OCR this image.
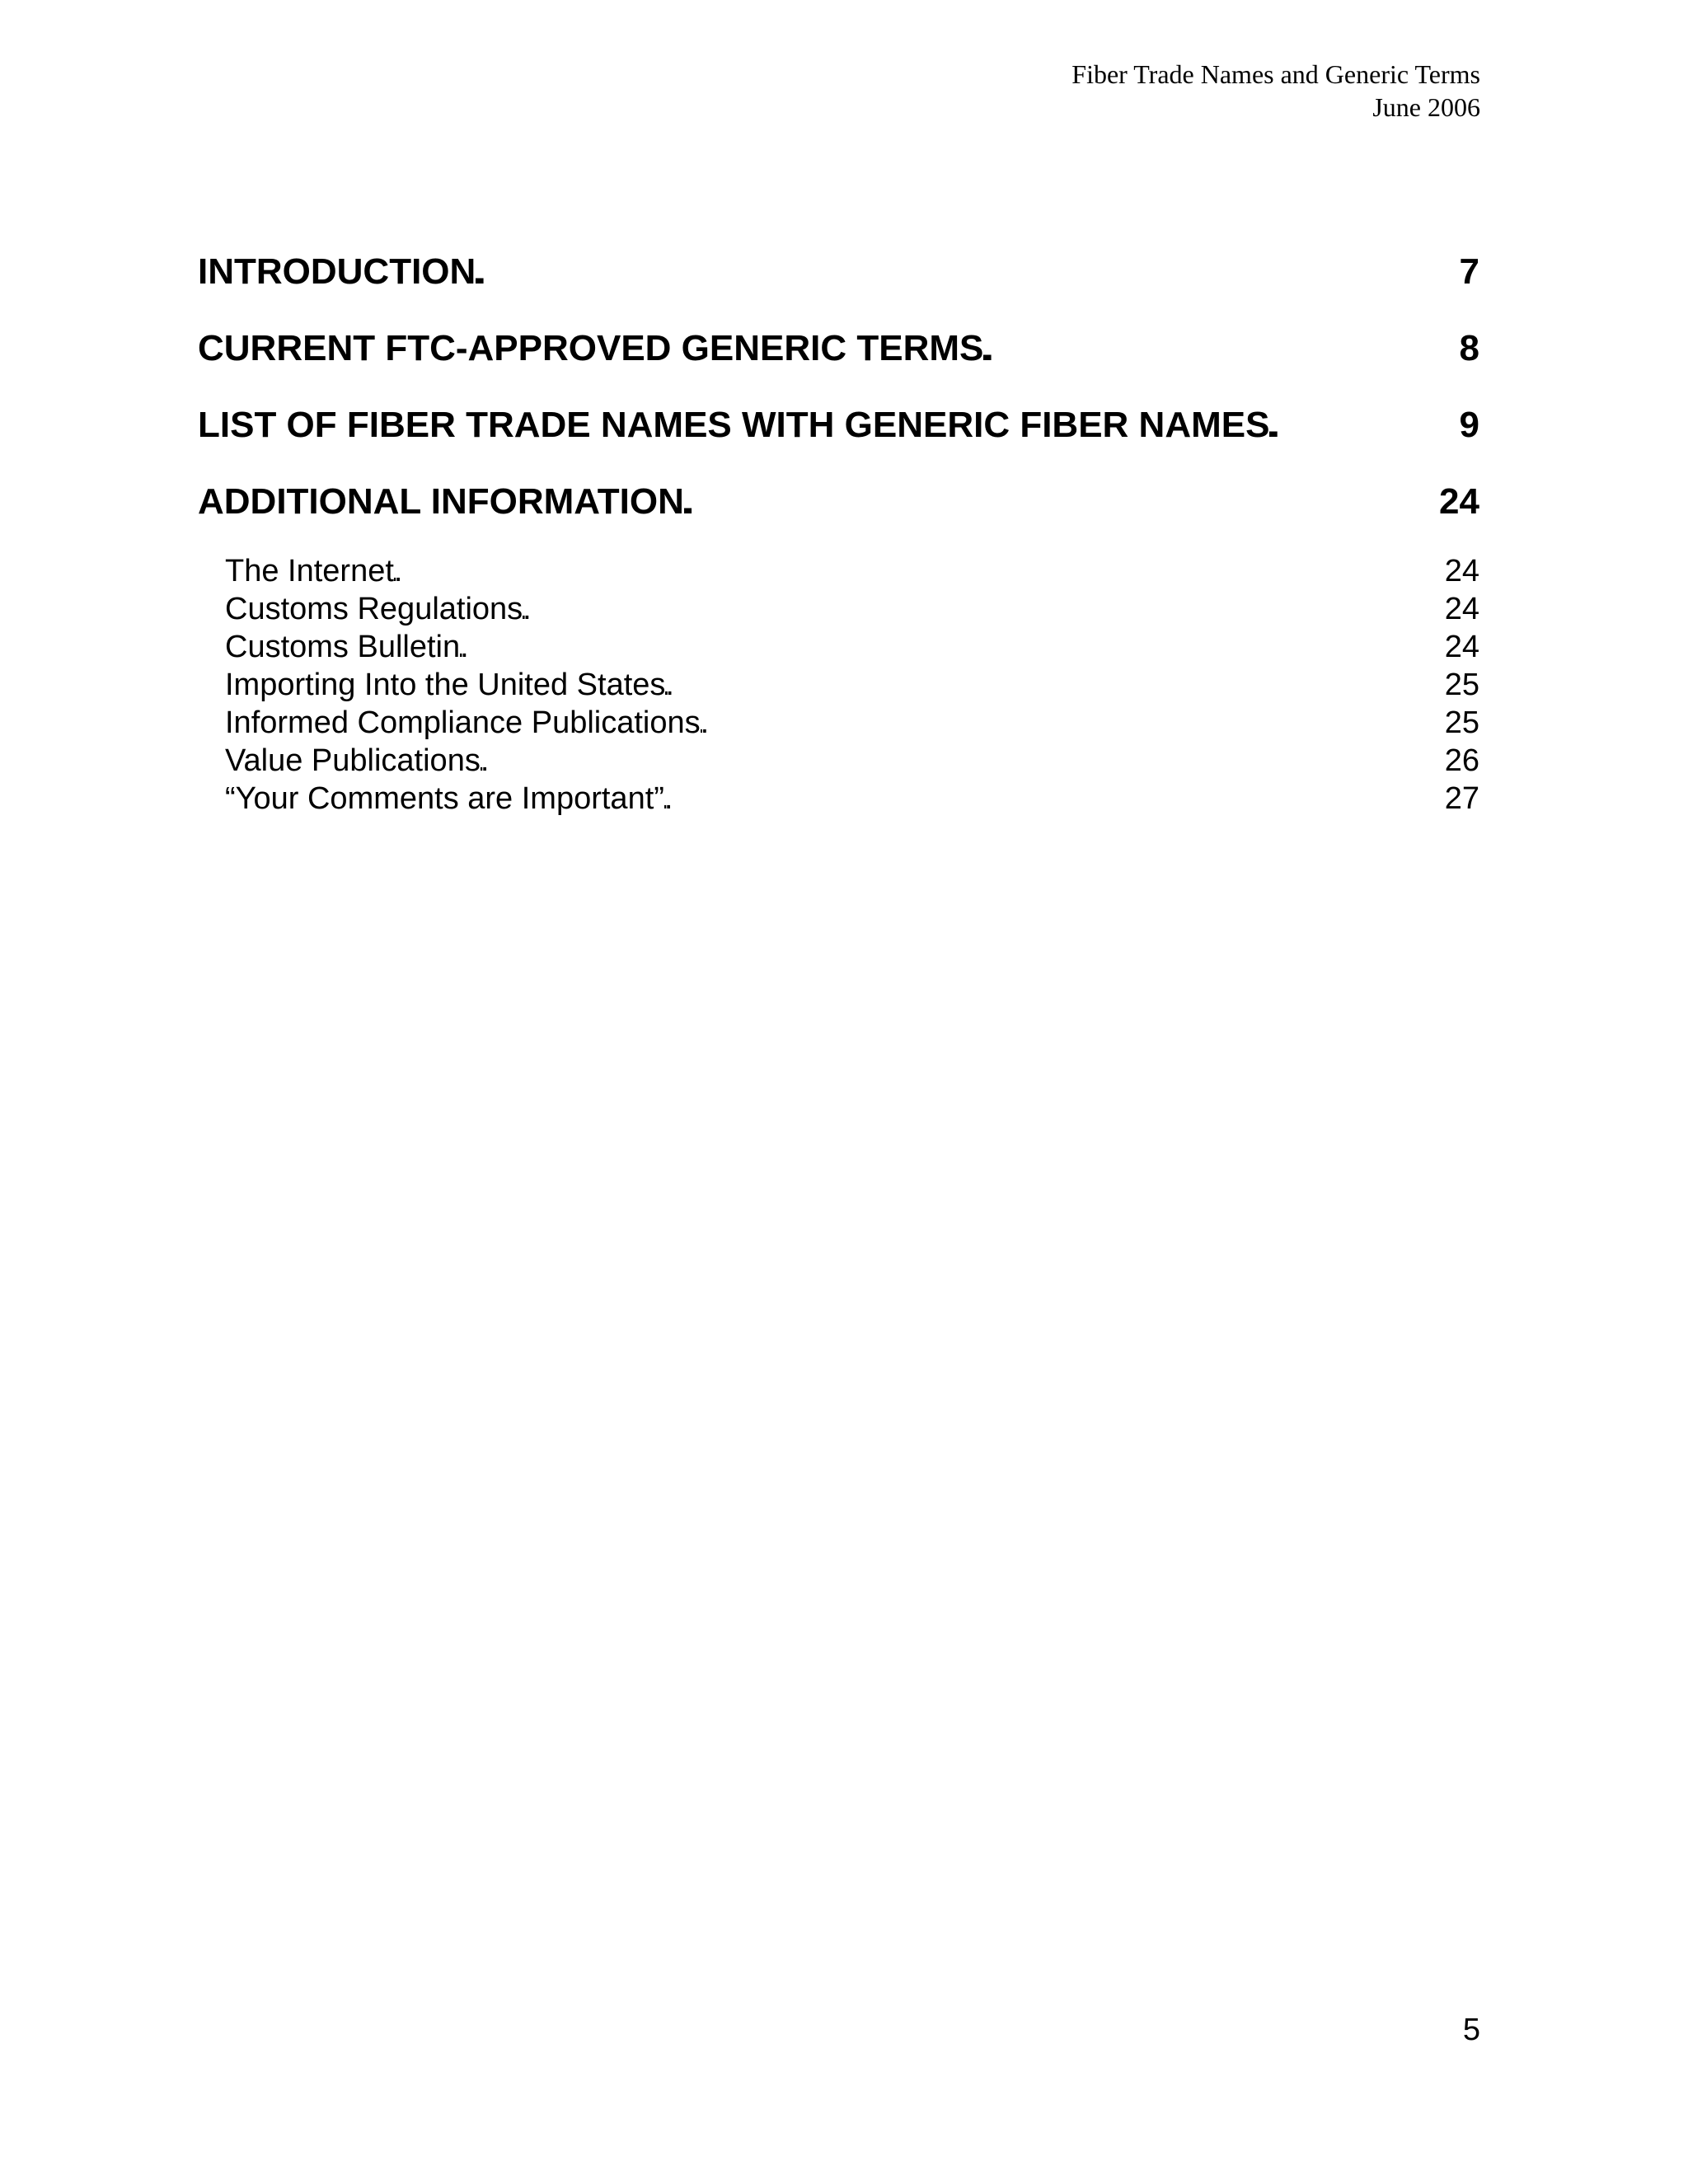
Fiber Trade Names and Generic Terms
June 2006
INTRODUCTION . . .	7
CURRENT FTC-APPROVED GENERIC TERMS . . .	8
LIST OF FIBER TRADE NAMES WITH GENERIC FIBER NAMES . . .	9
ADDITIONAL INFORMATION . . .	24
The Internet . . .	24
Customs Regulations . . .	24
Customs Bulletin . . .	24
Importing Into the United States . . .	25
Informed Compliance Publications . . .	25
Value Publications . . .	26
“Your Comments are Important” . . .	27
5
